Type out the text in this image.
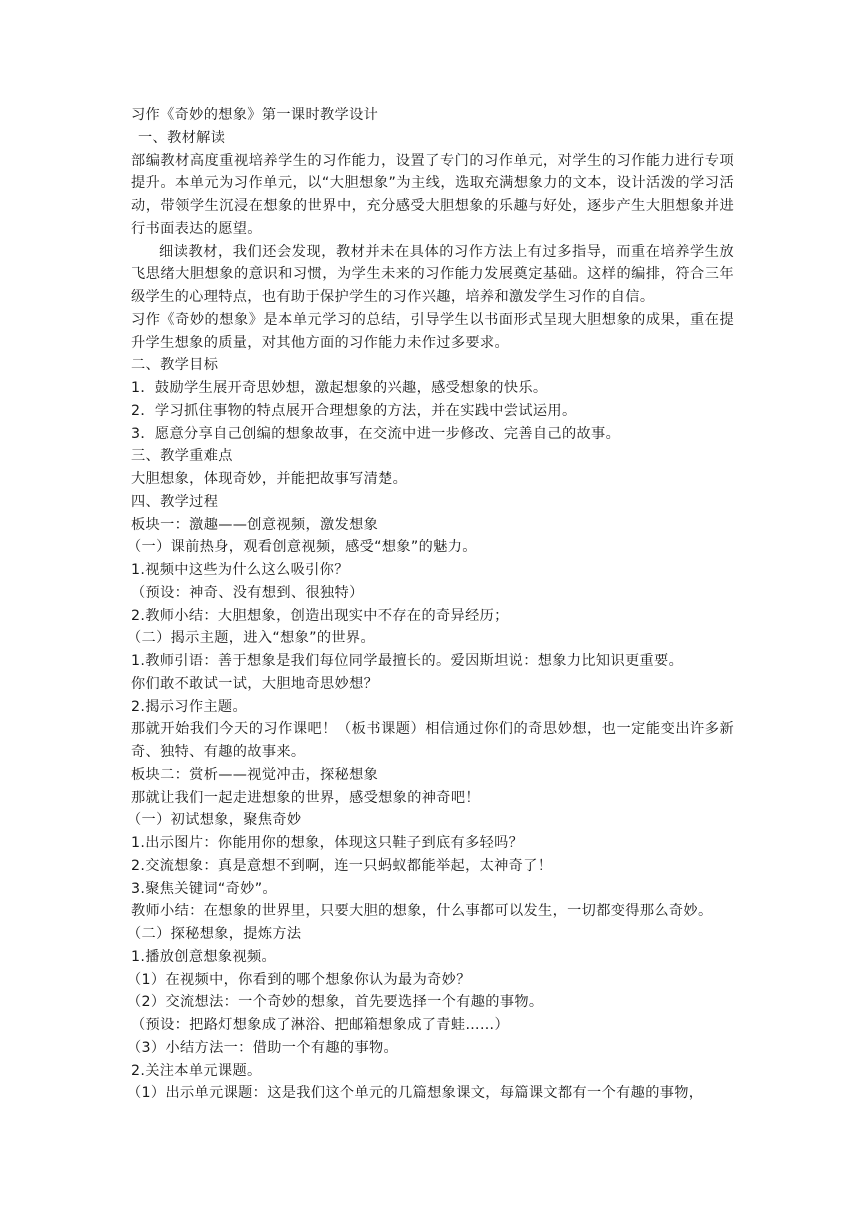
习作《奇妙的想象》第一课时教学设计
一、教材解读
部编教材高度重视培养学生的习作能力，设置了专门的习作单元，对学生的习作能力进行专项提升。本单元为习作单元，以“大胆想象”为主线，选取充满想象力的文本，设计活泼的学习活动，带领学生沉浸在想象的世界中，充分感受大胆想象的乐趣与好处，逐步产生大胆想象并进行书面表达的愿望。
细读教材，我们还会发现，教材并未在具体的习作方法上有过多指导，而重在培养学生放飞思绪大胆想象的意识和习惯，为学生未来的习作能力发展奠定基础。这样的编排，符合三年级学生的心理特点，也有助于保护学生的习作兴趣，培养和激发学生习作的自信。
习作《奇妙的想象》是本单元学习的总结，引导学生以书面形式呈现大胆想象的成果，重在提升学生想象的质量，对其他方面的习作能力未作过多要求。
二、教学目标
1．鼓励学生展开奇思妙想，激起想象的兴趣，感受想象的快乐。
2．学习抓住事物的特点展开合理想象的方法，并在实践中尝试运用。
3．愿意分享自己创编的想象故事，在交流中进一步修改、完善自己的故事。
三、教学重难点
大胆想象，体现奇妙，并能把故事写清楚。
四、教学过程
板块一：激趣——创意视频，激发想象
（一）课前热身，观看创意视频，感受“想象”的魅力。
1.视频中这些为什么这么吸引你？
（预设：神奇、没有想到、很独特）
2.教师小结：大胆想象，创造出现实中不存在的奇异经历；
（二）揭示主题，进入“想象”的世界。
1.教师引语：善于想象是我们每位同学最擅长的。爱因斯坦说：想象力比知识更重要。
你们敢不敢试一试，大胆地奇思妙想？
2.揭示习作主题。
那就开始我们今天的习作课吧！（板书课题）相信通过你们的奇思妙想，也一定能变出许多新奇、独特、有趣的故事来。
板块二：赏析——视觉冲击，探秘想象
那就让我们一起走进想象的世界，感受想象的神奇吧！
（一）初试想象，聚焦奇妙
1.出示图片：你能用你的想象，体现这只鞋子到底有多轻吗？
2.交流想象：真是意想不到啊，连一只蚂蚁都能举起，太神奇了！
3.聚焦关键词“奇妙”。
教师小结：在想象的世界里，只要大胆的想象，什么事都可以发生，一切都变得那么奇妙。
（二）探秘想象，提炼方法
1.播放创意想象视频。
（1）在视频中，你看到的哪个想象你认为最为奇妙？
（2）交流想法：一个奇妙的想象，首先要选择一个有趣的事物。
（预设：把路灯想象成了淋浴、把邮箱想象成了青蛙……）
（3）小结方法一：借助一个有趣的事物。
2.关注本单元课题。
（1）出示单元课题：这是我们这个单元的几篇想象课文，每篇课文都有一个有趣的事物，
